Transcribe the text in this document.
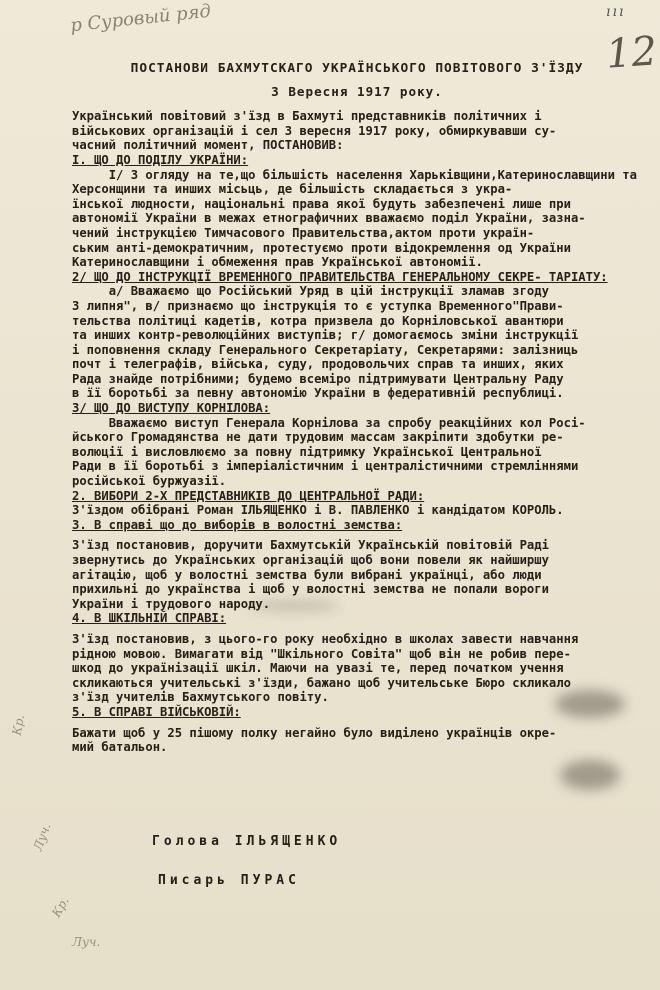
р Суровый ряд	ııı
12
ПОСТАНОВИ БАХМУТСКАГО УКРАЇНСЬКОГО ПОВІТОВОГО З'ЇЗДУ
3 Вересня 1917 року.

Український повітовий з'їзд в Бахмуті представників політичних і
військових організацій і сел 3 вересня 1917 року, обмиркувавши су-
часний політичний момент, ПОСТАНОВИВ:

I. ЩО ДО ПОДІЛУ УКРАЇНИ:

I/ З огляду на те,що більшість населення Харьківщини,Катеринославщини та Херсонщини та инших місьць, де більшість складається з укра-
їнської людности, національні права якої будуть забезпечені лише при
автономії України в межах етнографичних вважаємо поділ України, зазна-
чений інструкцією Тимчасового Правительства,актом проти україн-
ським анті-демократичним, протестуємо проти відокремлення од України
Катеринославщини і обмеження прав Української автономії.

2/ ЩО ДО ІНСТРУКЦІЇ ВРЕМЕННОГО ПРАВИТЕЛЬСТВА ГЕНЕРАЛЬНОМУ СЕКРЕ- ТАРІАТУ:

а/ Вважаємо що Російський Уряд в цій інструкції зламав згоду
3 липня", в/ признаємо що інструкція то є уступка Временного"Прави-
тельства політиці кадетів, котра призвела до Корніловської авантюри
та инших контр-революційних виступів; г/ домогаємось зміни інструкції
і поповнення складу Генерального Секретаріату, Секретарями: залізниць
почт і телеграфів, війська, суду, продовольчих справ та инших, яких
Рада знайде потрібними; будемо всеміро підтримувати Центральну Раду
в її боротьбі за певну автономію України в федеративній республиці.

3/ ЩО ДО ВИСТУПУ КОРНІЛОВА:

Вважаємо виступ Генерала Корнілова за спробу реакційних кол Росі-
йського Громадянства не дати трудовим массам закріпити здобутки ре-
волюції і висловлюємо за повну підтримку Української Центральної
Ради в її боротьбі з імперіалістичним і централістичними стремліннями
російської буржуазії.

2. ВИБОРИ 2-Х ПРЕДСТАВНИКІВ ДО ЦЕНТРАЛЬНОЇ РАДИ:

З'їздом обібрані Роман ІЛЬЯЩЕНКО і В. ПАВЛЕНКО і кандідатом КОРОЛЬ.

3. В справі що до виборів в волостні земства:

З'їзд постановив, доручити Бахмутській Українській повітовій Раді
звернутись до Українських організацій щоб вони повели як найширшу
агітацію, щоб у волостні земства були вибрані українці, або люди
прихильні до українства і щоб у волостні земства не попали вороги
України і трудового народу.

4. В ШКІЛЬНІЙ СПРАВІ:

З'їзд постановив, з цього-го року необхідно в школах завести навчання
рідною мовою. Вимагати від "Шкільного Совіта" щоб він не робив пере-
шкод до українізації шкіл. Маючи на увазі те, перед початком учення
скликаються учительські з'їзди, бажано щоб учительське Бюро скликало
з'їзд учителів Бахмутського повіту.

5. В СПРАВІ ВІЙСЬКОВІЙ:

Бажати щоб у 25 пішому полку негайно було виділено українців окре-
мий батальон.

Голова ІЛЬЯЩЕНКО
Писарь ПУРАС
Кр.
Луч.
Кр.
Луч.
